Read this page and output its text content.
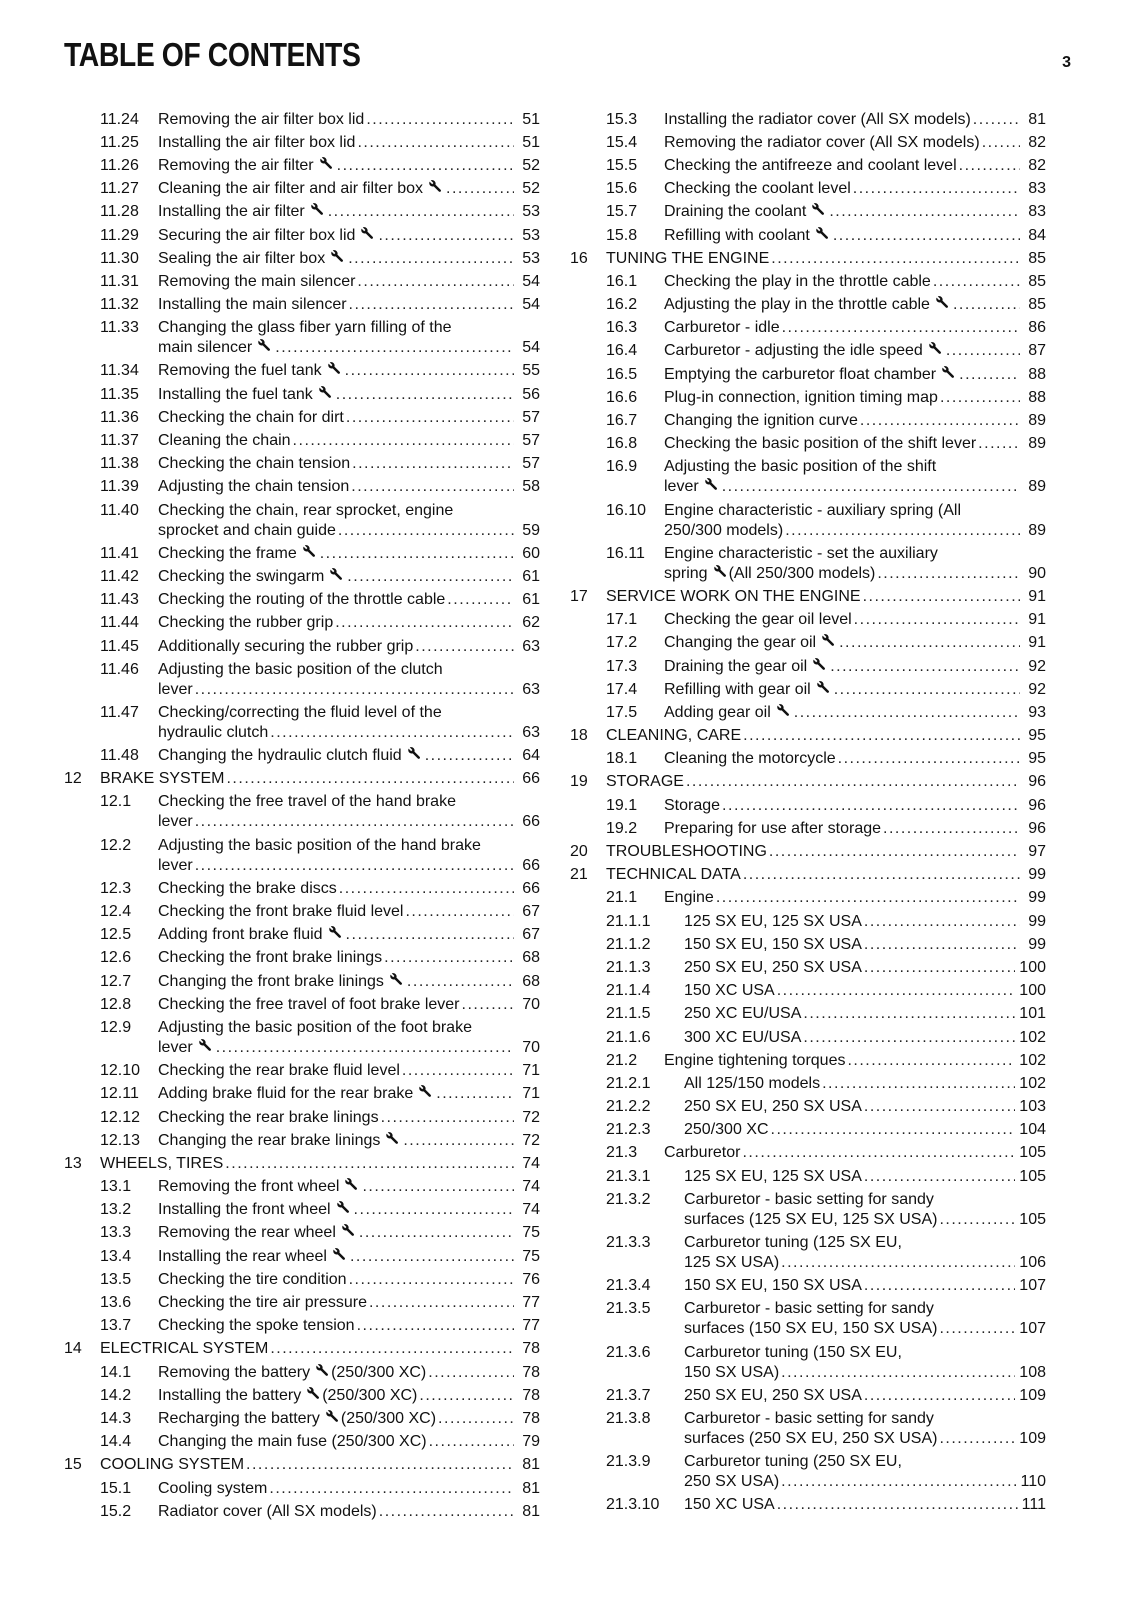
TABLE OF CONTENTS	3
11.24 Removing the air filter box lid .....	51
11.25 Installing the air filter box lid .....	51
11.26 Removing the air filter .....	52
11.27 Cleaning the air filter and air filter box .....	52
11.28 Installing the air filter .....	53
11.29 Securing the air filter box lid .....	53
11.30 Sealing the air filter box .....	53
11.31 Removing the main silencer .....	54
11.32 Installing the main silencer .....	54
11.33 Changing the glass fiber yarn filling of the
main silencer .....	54
11.34 Removing the fuel tank .....	55
11.35 Installing the fuel tank .....	56
11.36 Checking the chain for dirt .....	57
11.37 Cleaning the chain .....	57
11.38 Checking the chain tension .....	57
11.39 Adjusting the chain tension .....	58
11.40 Checking the chain, rear sprocket, engine
sprocket and chain guide .....	59
11.41 Checking the frame .....	60
11.42 Checking the swingarm .....	61
11.43 Checking the routing of the throttle cable .....	61
11.44 Checking the rubber grip .....	62
11.45 Additionally securing the rubber grip .....	63
11.46 Adjusting the basic position of the clutch
lever .....	63
11.47 Checking/correcting the fluid level of the
hydraulic clutch .....	63
11.48 Changing the hydraulic clutch fluid .....	64
12 BRAKE SYSTEM .....	66
12.1 Checking the free travel of the hand brake
lever .....	66
12.2 Adjusting the basic position of the hand brake
lever .....	66
12.3 Checking the brake discs .....	66
12.4 Checking the front brake fluid level .....	67
12.5 Adding front brake fluid .....	67
12.6 Checking the front brake linings .....	68
12.7 Changing the front brake linings .....	68
12.8 Checking the free travel of foot brake lever .....	70
12.9 Adjusting the basic position of the foot brake
lever .....	70
12.10 Checking the rear brake fluid level .....	71
12.11 Adding brake fluid for the rear brake .....	71
12.12 Checking the rear brake linings .....	72
12.13 Changing the rear brake linings .....	72
13 WHEELS, TIRES .....	74
13.1 Removing the front wheel .....	74
13.2 Installing the front wheel .....	74
13.3 Removing the rear wheel .....	75
13.4 Installing the rear wheel .....	75
13.5 Checking the tire condition .....	76
13.6 Checking the tire air pressure .....	77
13.7 Checking the spoke tension .....	77
14 ELECTRICAL SYSTEM .....	78
14.1 Removing the battery (250/300 XC) .....	78
14.2 Installing the battery (250/300 XC) .....	78
14.3 Recharging the battery (250/300 XC) .....	78
14.4 Changing the main fuse (250/300 XC) .....	79
15 COOLING SYSTEM .....	81
15.1 Cooling system .....	81
15.2 Radiator cover (All SX models) .....	81
15.3 Installing the radiator cover (All SX models) .....	81
15.4 Removing the radiator cover (All SX models) .....	82
15.5 Checking the antifreeze and coolant level .....	82
15.6 Checking the coolant level .....	83
15.7 Draining the coolant .....	83
15.8 Refilling with coolant .....	84
16 TUNING THE ENGINE .....	85
16.1 Checking the play in the throttle cable .....	85
16.2 Adjusting the play in the throttle cable .....	85
16.3 Carburetor - idle .....	86
16.4 Carburetor - adjusting the idle speed .....	87
16.5 Emptying the carburetor float chamber .....	88
16.6 Plug-in connection, ignition timing map .....	88
16.7 Changing the ignition curve .....	89
16.8 Checking the basic position of the shift lever .....	89
16.9 Adjusting the basic position of the shift
lever .....	89
16.10 Engine characteristic - auxiliary spring (All
250/300 models) .....	89
16.11 Engine characteristic - set the auxiliary
spring (All 250/300 models) .....	90
17 SERVICE WORK ON THE ENGINE .....	91
17.1 Checking the gear oil level .....	91
17.2 Changing the gear oil .....	91
17.3 Draining the gear oil .....	92
17.4 Refilling with gear oil .....	92
17.5 Adding gear oil .....	93
18 CLEANING, CARE .....	95
18.1 Cleaning the motorcycle .....	95
19 STORAGE .....	96
19.1 Storage .....	96
19.2 Preparing for use after storage .....	96
20 TROUBLESHOOTING .....	97
21 TECHNICAL DATA .....	99
21.1 Engine .....	99
21.1.1 125 SX EU, 125 SX USA .....	99
21.1.2 150 SX EU, 150 SX USA .....	99
21.1.3 250 SX EU, 250 SX USA .....	100
21.1.4 150 XC USA .....	100
21.1.5 250 XC EU/USA .....	101
21.1.6 300 XC EU/USA .....	102
21.2 Engine tightening torques .....	102
21.2.1 All 125/150 models .....	102
21.2.2 250 SX EU, 250 SX USA .....	103
21.2.3 250/300 XC .....	104
21.3 Carburetor .....	105
21.3.1 125 SX EU, 125 SX USA .....	105
21.3.2 Carburetor - basic setting for sandy
surfaces (125 SX EU, 125 SX USA) .....	105
21.3.3 Carburetor tuning (125 SX EU,
125 SX USA) .....	106
21.3.4 150 SX EU, 150 SX USA .....	107
21.3.5 Carburetor - basic setting for sandy
surfaces (150 SX EU, 150 SX USA) .....	107
21.3.6 Carburetor tuning (150 SX EU,
150 SX USA) .....	108
21.3.7 250 SX EU, 250 SX USA .....	109
21.3.8 Carburetor - basic setting for sandy
surfaces (250 SX EU, 250 SX USA) .....	109
21.3.9 Carburetor tuning (250 SX EU,
250 SX USA) .....	110
21.3.10 150 XC USA .....	111
